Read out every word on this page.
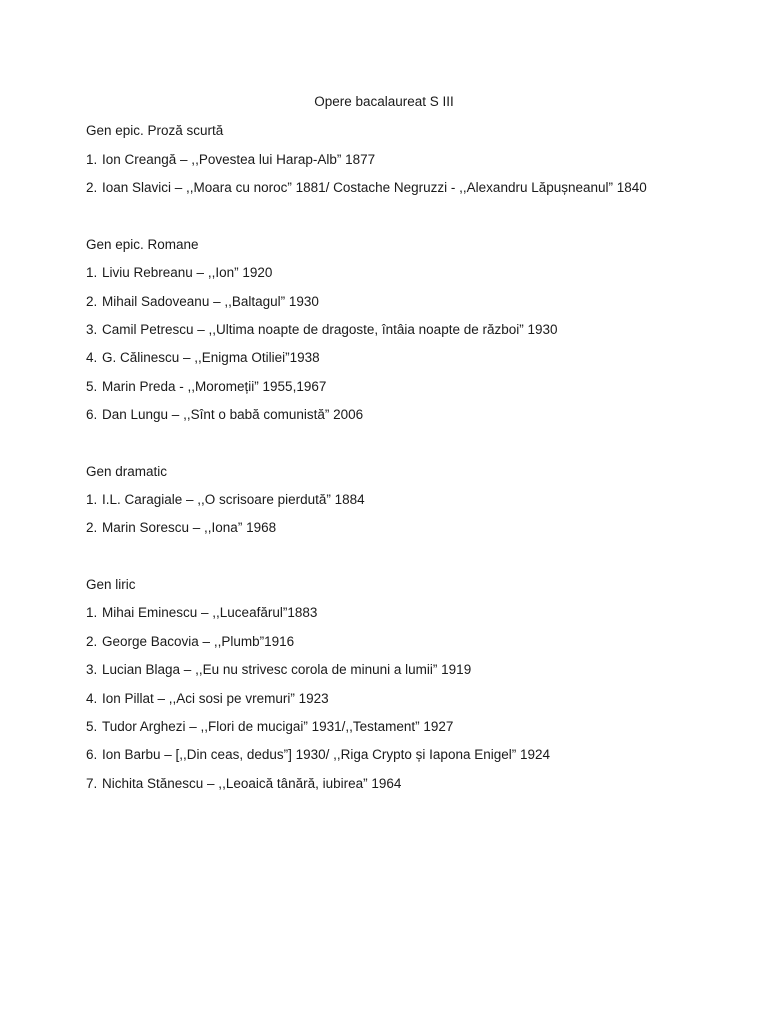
Opere bacalaureat S III
Gen epic. Proză scurtă
1. Ion Creangă – ,,Povestea lui Harap-Alb” 1877
2. Ioan Slavici – ,,Moara cu noroc” 1881/ Costache Negruzzi - ,,Alexandru Lăpușneanul” 1840
Gen epic. Romane
1. Liviu Rebreanu – ,,Ion” 1920
2. Mihail Sadoveanu – ,,Baltagul” 1930
3. Camil Petrescu – ,,Ultima noapte de dragoste, întâia noapte de război” 1930
4. G. Călinescu – ,,Enigma Otiliei”1938
5. Marin Preda - ,,Moromeții” 1955,1967
6. Dan Lungu – ,,Sînt o babă comunistă” 2006
Gen dramatic
1. I.L. Caragiale – ,,O scrisoare pierdută” 1884
2. Marin Sorescu – ,,Iona” 1968
Gen liric
1. Mihai Eminescu – ,,Luceafărul”1883
2. George Bacovia – ,,Plumb”1916
3. Lucian Blaga – ,,Eu nu strivesc corola de minuni a lumii” 1919
4. Ion Pillat – ,,Aci sosi pe vremuri” 1923
5. Tudor Arghezi – ,,Flori de mucigai” 1931/,,Testament” 1927
6. Ion Barbu – [,,Din ceas, dedus”] 1930/ ,,Riga Crypto și Iapona Enigel” 1924
7. Nichita Stănescu – ,,Leoaică tânără, iubirea” 1964
